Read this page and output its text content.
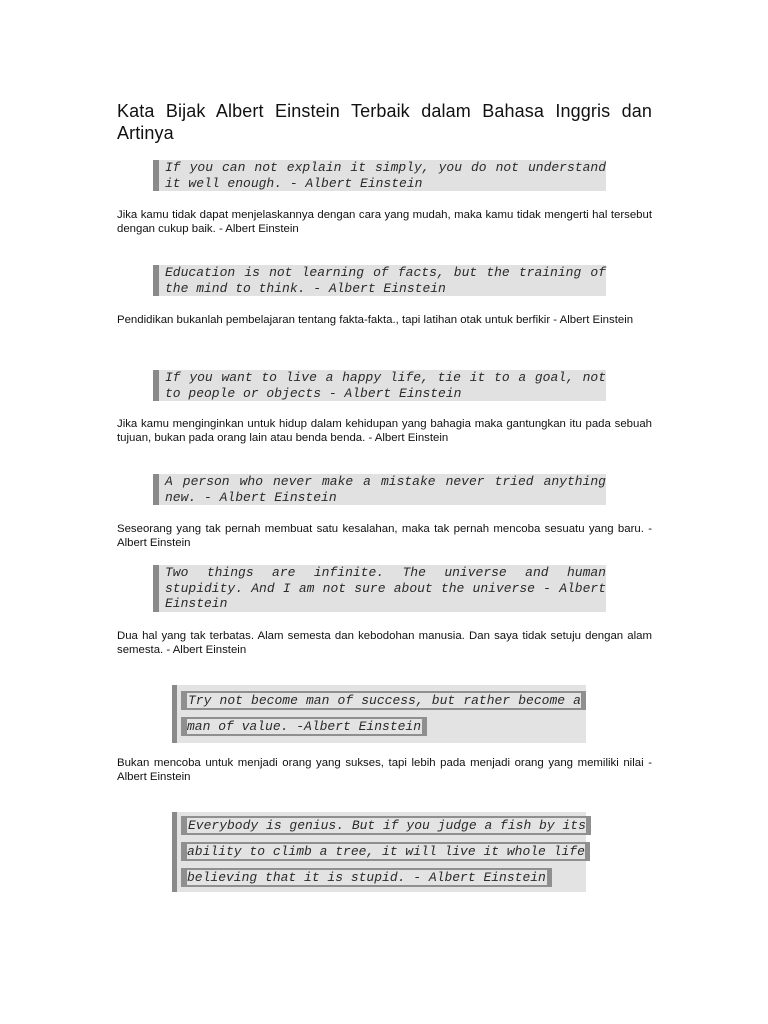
Kata Bijak Albert Einstein Terbaik dalam Bahasa Inggris dan Artinya
If you can not explain it simply, you do not understand it well enough. - Albert Einstein
Jika kamu tidak dapat menjelaskannya dengan cara yang mudah, maka kamu tidak mengerti hal tersebut dengan cukup baik. - Albert Einstein
Education is not learning of facts, but the training of the mind to think. - Albert Einstein
Pendidikan bukanlah pembelajaran tentang fakta-fakta., tapi latihan otak untuk berfikir - Albert Einstein
If you want to live a happy life, tie it to a goal, not to people or objects - Albert Einstein
Jika kamu menginginkan untuk hidup dalam kehidupan yang bahagia maka gantungkan itu pada sebuah tujuan, bukan pada orang lain atau benda benda. - Albert Einstein
A person who never make a mistake never tried anything new. - Albert Einstein
Seseorang yang tak pernah membuat satu kesalahan, maka tak pernah mencoba sesuatu yang baru. - Albert Einstein
Two things are infinite. The universe and human stupidity. And I am not sure about the universe - Albert Einstein
Dua hal yang tak terbatas. Alam semesta dan kebodohan manusia. Dan saya tidak setuju dengan alam semesta. - Albert Einstein
Try not become man of success, but rather become a man of value. -Albert Einstein
Bukan mencoba untuk menjadi orang yang sukses, tapi lebih pada menjadi orang yang memiliki nilai - Albert Einstein
Everybody is genius. But if you judge a fish by its ability to climb a tree, it will live it whole life believing that it is stupid. - Albert Einstein
